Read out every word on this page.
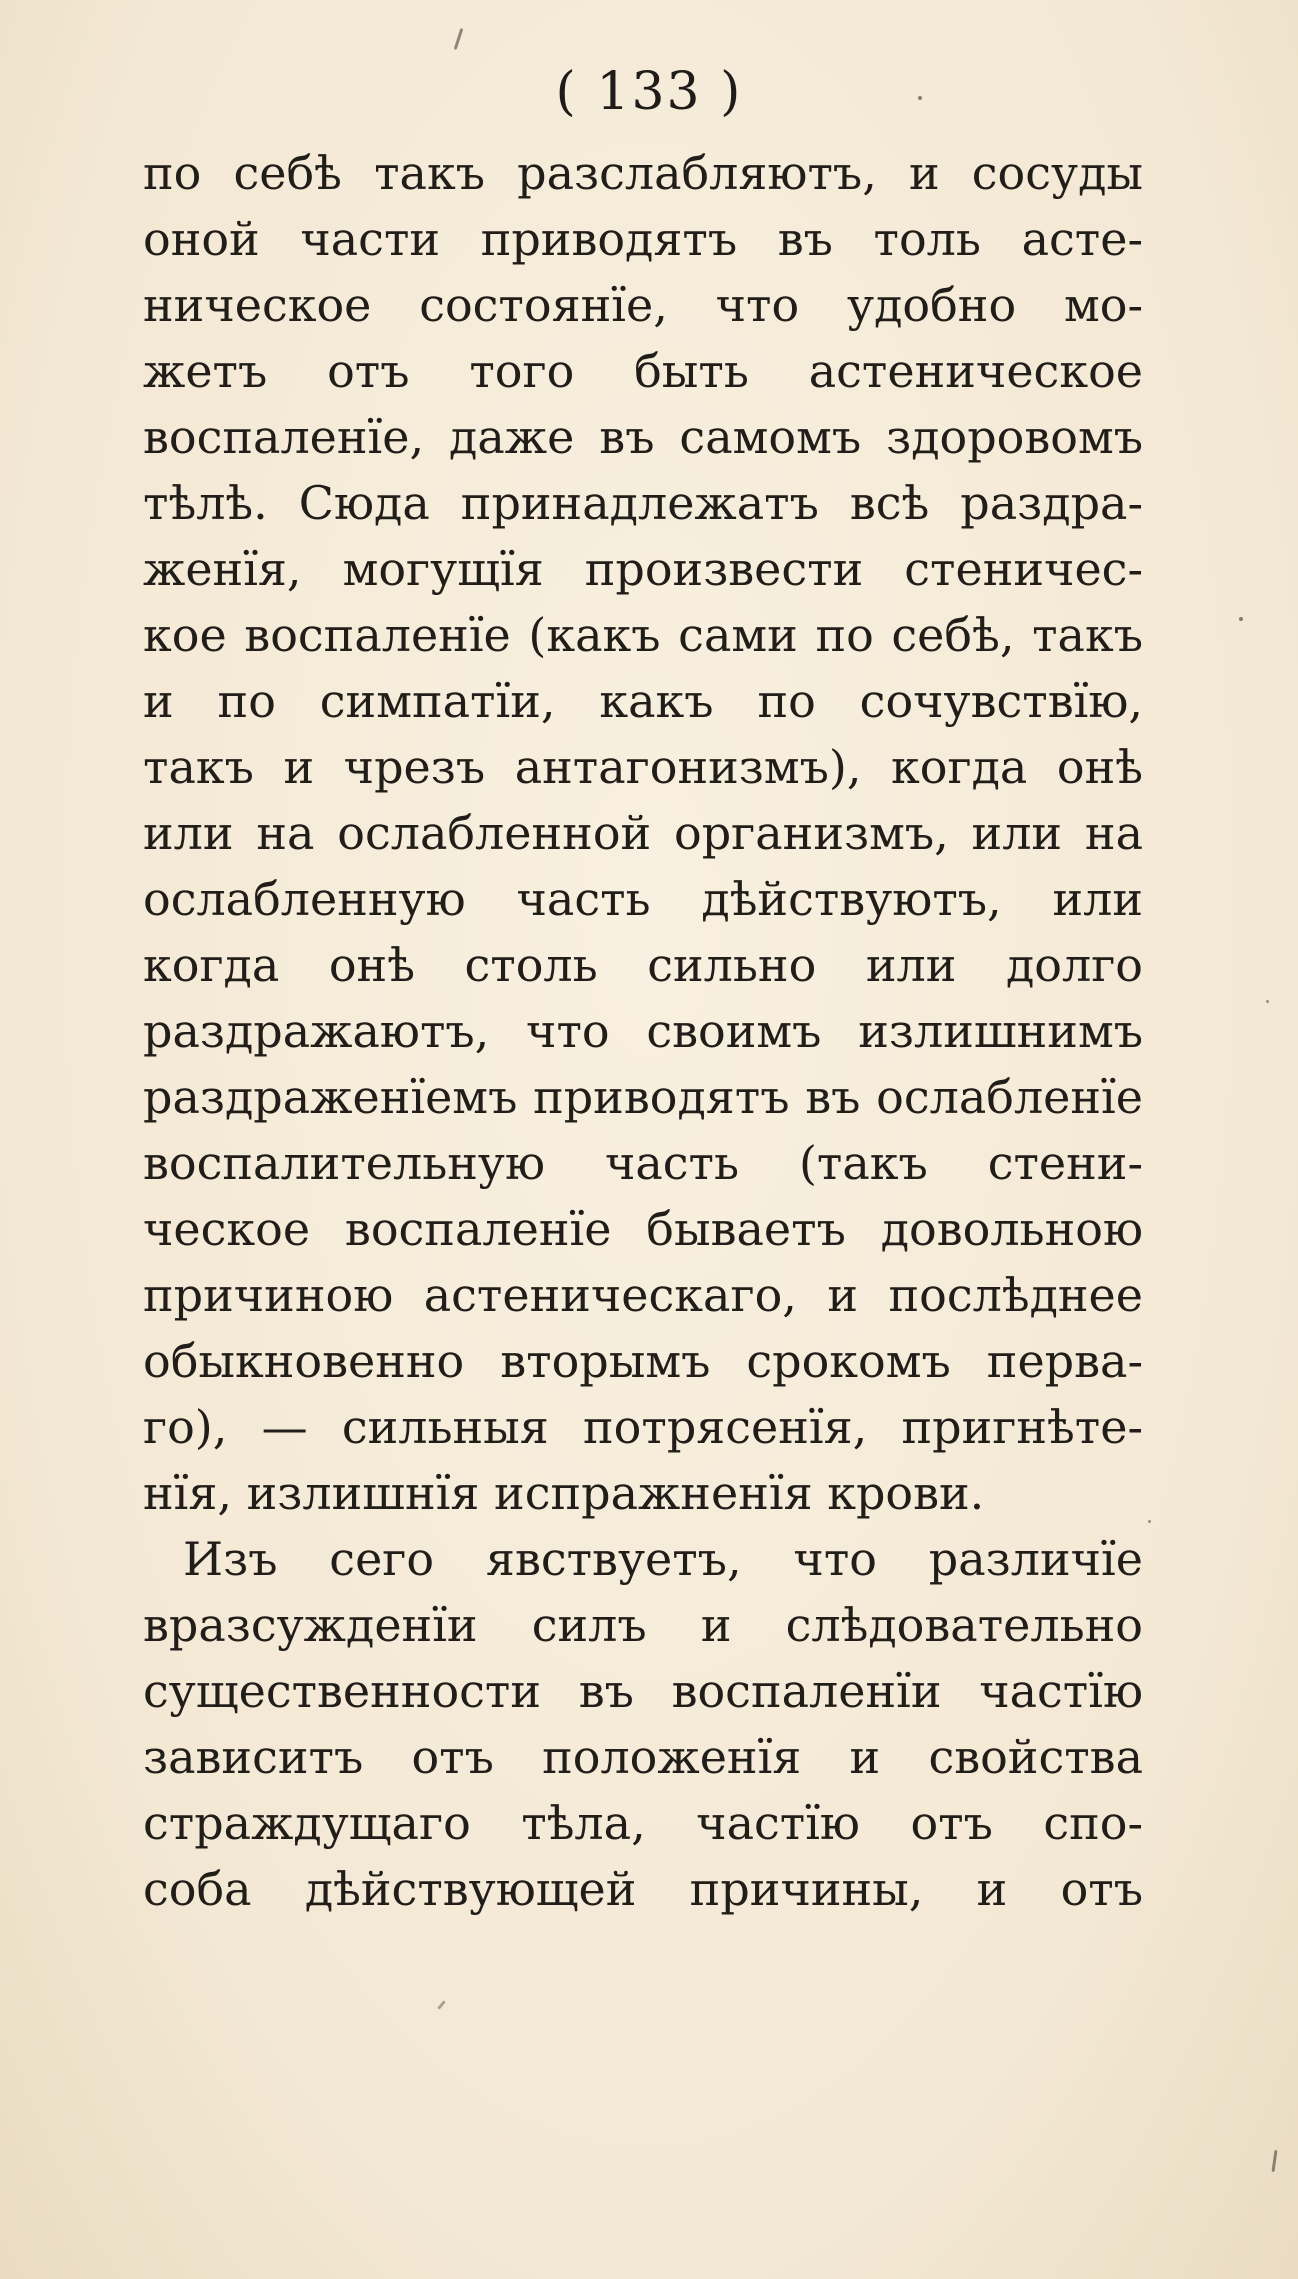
( 133 )
по себѣ такъ разслабляютъ, и сосуды
оной части приводятъ въ толь асте-
ническое состоянїе, что удобно мо-
жетъ отъ того быть астеническое
воспаленїе, даже въ самомъ здоровомъ
тѣлѣ. Сюда принадлежатъ всѣ раздра-
женїя, могущїя произвести стеничес-
кое воспаленїе (какъ сами по себѣ, такъ
и по симпатїи, какъ по сочувствїю,
такъ и чрезъ антагонизмъ), когда онѣ
или на ослабленной организмъ, или на
ослабленную часть дѣйствуютъ, или
когда онѣ столь сильно или долго
раздражаютъ, что своимъ излишнимъ
раздраженїемъ приводятъ въ ослабленїе
воспалительную часть (такъ стени-
ческое воспаленїе бываетъ довольною
причиною астеническаго, и послѣднее
обыкновенно вторымъ срокомъ перва-
го), — сильныя потрясенїя, пригнѣте-
нїя, излишнїя испражненїя крови.
Изъ сего явствуетъ, что различїе
вразсужденїи силъ и слѣдовательно
существенности въ воспаленїи частїю
зависитъ отъ положенїя и свойства
страждущаго тѣла, частїю отъ спо-
соба дѣйствующей причины, и отъ
